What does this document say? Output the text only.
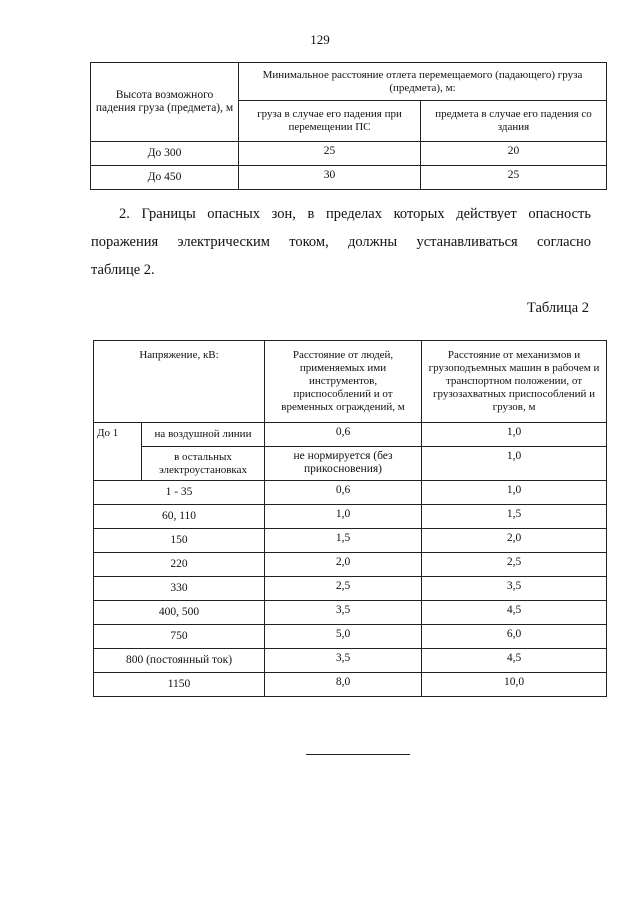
129
Высота возможного падения груза (предмета), м	Минимальное расстояние отлета перемещаемого (падающего) груза (предмета), м:	
	груза в случае его падения при перемещении ПС	предмета в случае его падения со здания
До 300	25	20
До 450	30	25
2. Границы опасных зон, в пределах которых действует опасность
поражения электрическим током, должны устанавливаться согласно
таблице 2.
Таблица 2
Напряжение, кВ:		Расстояние от людей, применяемых ими инструментов, приспособлений и от временных ограждений, м	Расстояние от механизмов и грузоподъемных машин в рабочем и транспортном положении, от грузозахватных приспособлений и грузов, м
До 1	на воздушной линии	0,6	1,0
	в остальных электроустановках	не нормируется (без прикосновения)	1,0
1 - 35		0,6	1,0
60, 110		1,0	1,5
150		1,5	2,0
220		2,0	2,5
330		2,5	3,5
400, 500		3,5	4,5
750		5,0	6,0
800 (постоянный ток)		3,5	4,5
1150		8,0	10,0
